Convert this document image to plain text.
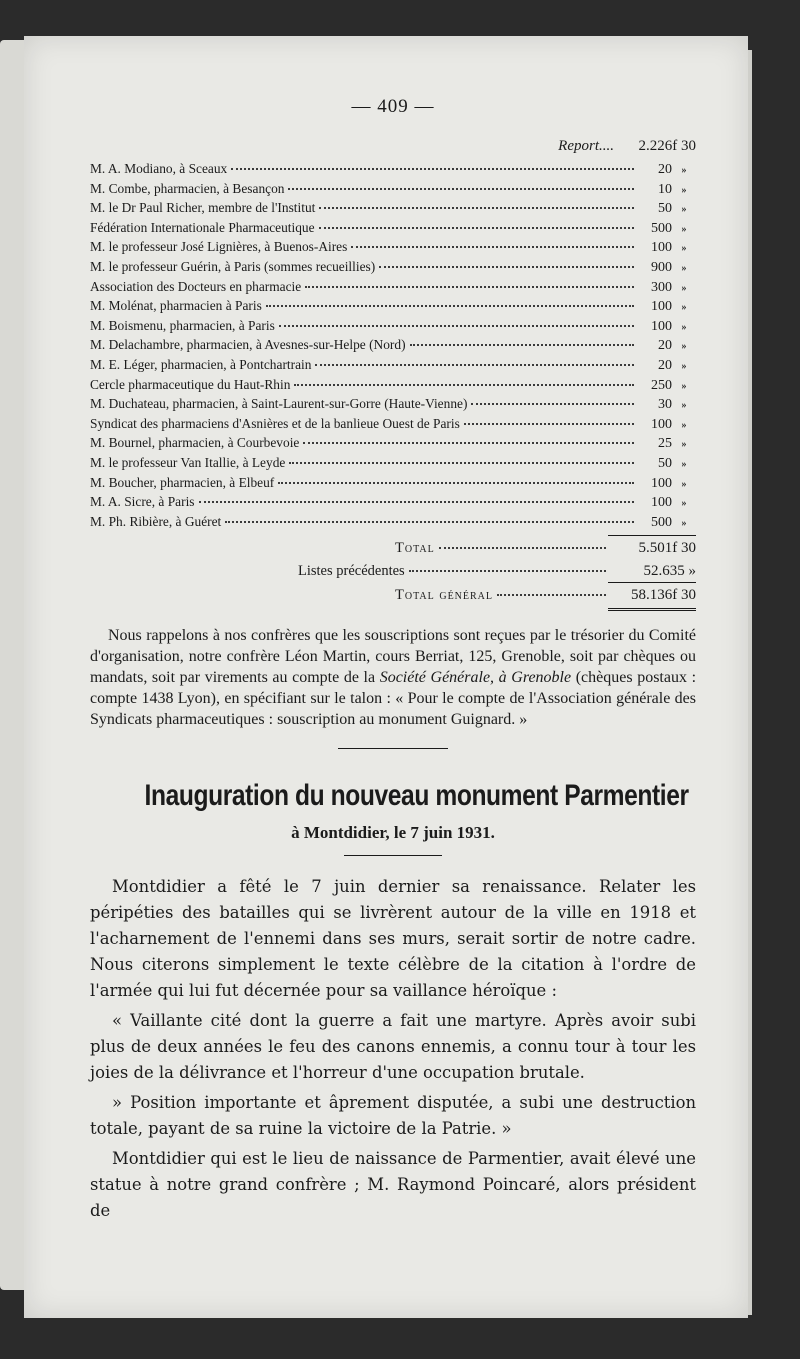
— 409 —
Report.... 2.226f 30
M. A. Modiano, à Sceaux	20 »
M. Combe, pharmacien, à Besançon	10 »
M. le Dr Paul Richer, membre de l'Institut	50 »
Fédération Internationale Pharmaceutique	500 »
M. le professeur José Lignières, à Buenos-Aires	100 »
M. le professeur Guérin, à Paris (sommes recueillies)	900 »
Association des Docteurs en pharmacie	300 »
M. Molénat, pharmacien à Paris	100 »
M. Boismenu, pharmacien, à Paris	100 »
M. Delachambre, pharmacien, à Avesnes-sur-Helpe (Nord)	20 »
M. E. Léger, pharmacien, à Pontchartrain	20 »
Cercle pharmaceutique du Haut-Rhin	250 »
M. Duchateau, pharmacien, à Saint-Laurent-sur-Gorre (Haute-Vienne)	30 »
Syndicat des pharmaciens d'Asnières et de la banlieue Ouest de Paris	100 »
M. Bournel, pharmacien, à Courbevoie	25 »
M. le professeur Van Itallie, à Leyde	50 »
M. Boucher, pharmacien, à Elbeuf	100 »
M. A. Sicre, à Paris	100 »
M. Ph. Ribière, à Guéret	500 »
Total	5.501f 30
Listes précédentes	52.635 »
Total général	58.136f 30

Nous rappelons à nos confrères que les souscriptions sont reçues par le trésorier du Comité d'organisation, notre confrère Léon Martin, cours Berriat, 125, Grenoble, soit par chèques ou mandats, soit par virements au compte de la Société Générale, à Grenoble (chèques postaux : compte 1438 Lyon), en spécifiant sur le talon : « Pour le compte de l'Association générale des Syndicats pharmaceutiques : souscription au monument Guignard. »

Inauguration du nouveau monument Parmentier
à Montdidier, le 7 juin 1931.

Montdidier a fêté le 7 juin dernier sa renaissance. Relater les péripéties des batailles qui se livrèrent autour de la ville en 1918 et l'acharnement de l'ennemi dans ses murs, serait sortir de notre cadre. Nous citerons simplement le texte célèbre de la citation à l'ordre de l'armée qui lui fut décernée pour sa vaillance héroïque :

« Vaillante cité dont la guerre a fait une martyre. Après avoir subi plus de deux années le feu des canons ennemis, a connu tour à tour les joies de la délivrance et l'horreur d'une occupation brutale.

» Position importante et âprement disputée, a subi une destruction totale, payant de sa ruine la victoire de la Patrie. »

Montdidier qui est le lieu de naissance de Parmentier, avait élevé une statue à notre grand confrère ; M. Raymond Poincaré, alors président de
